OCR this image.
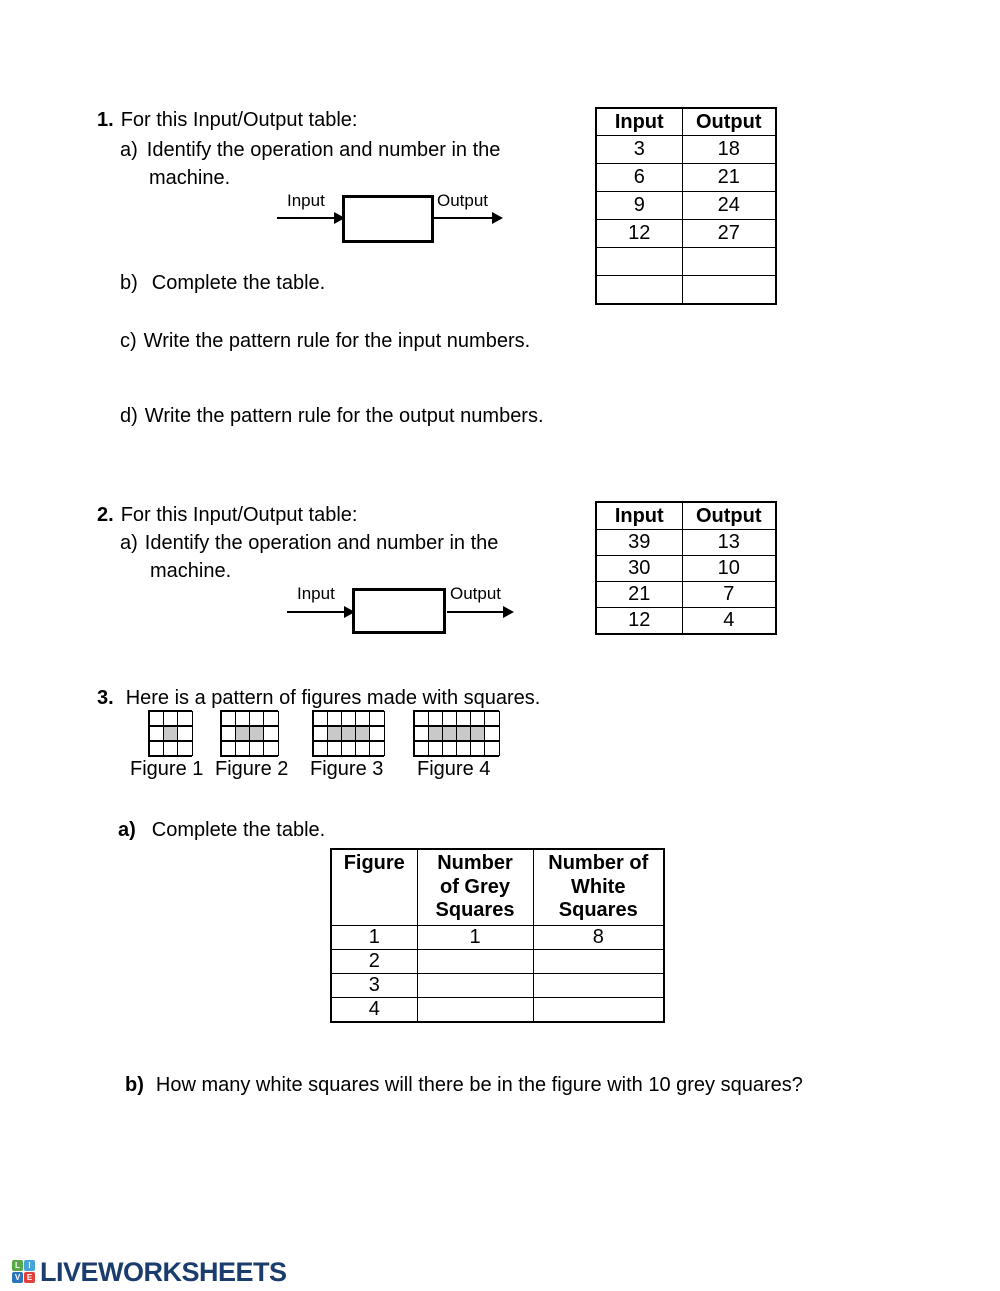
1. For this Input/Output table:
a) Identify the operation and number in the
machine.
Input	Output
Input	Output
3	18
6	21
9	24
12	27

b) Complete the table.
c) Write the pattern rule for the input numbers.
d) Write the pattern rule for the output numbers.
2. For this Input/Output table:
a) Identify the operation and number in the
machine.
Input	Output
Input	Output
39	13
30	10
21	7
12	4
3. Here is a pattern of figures made with squares.
Figure 1 Figure 2 Figure 3 Figure 4
a) Complete the table.
Figure	Number of Grey Squares	Number of White Squares
1	1	8
2		
3		
4		
b) How many white squares will there be in the figure with 10 grey squares?
L	I
V E LIVEWORKSHEETS
